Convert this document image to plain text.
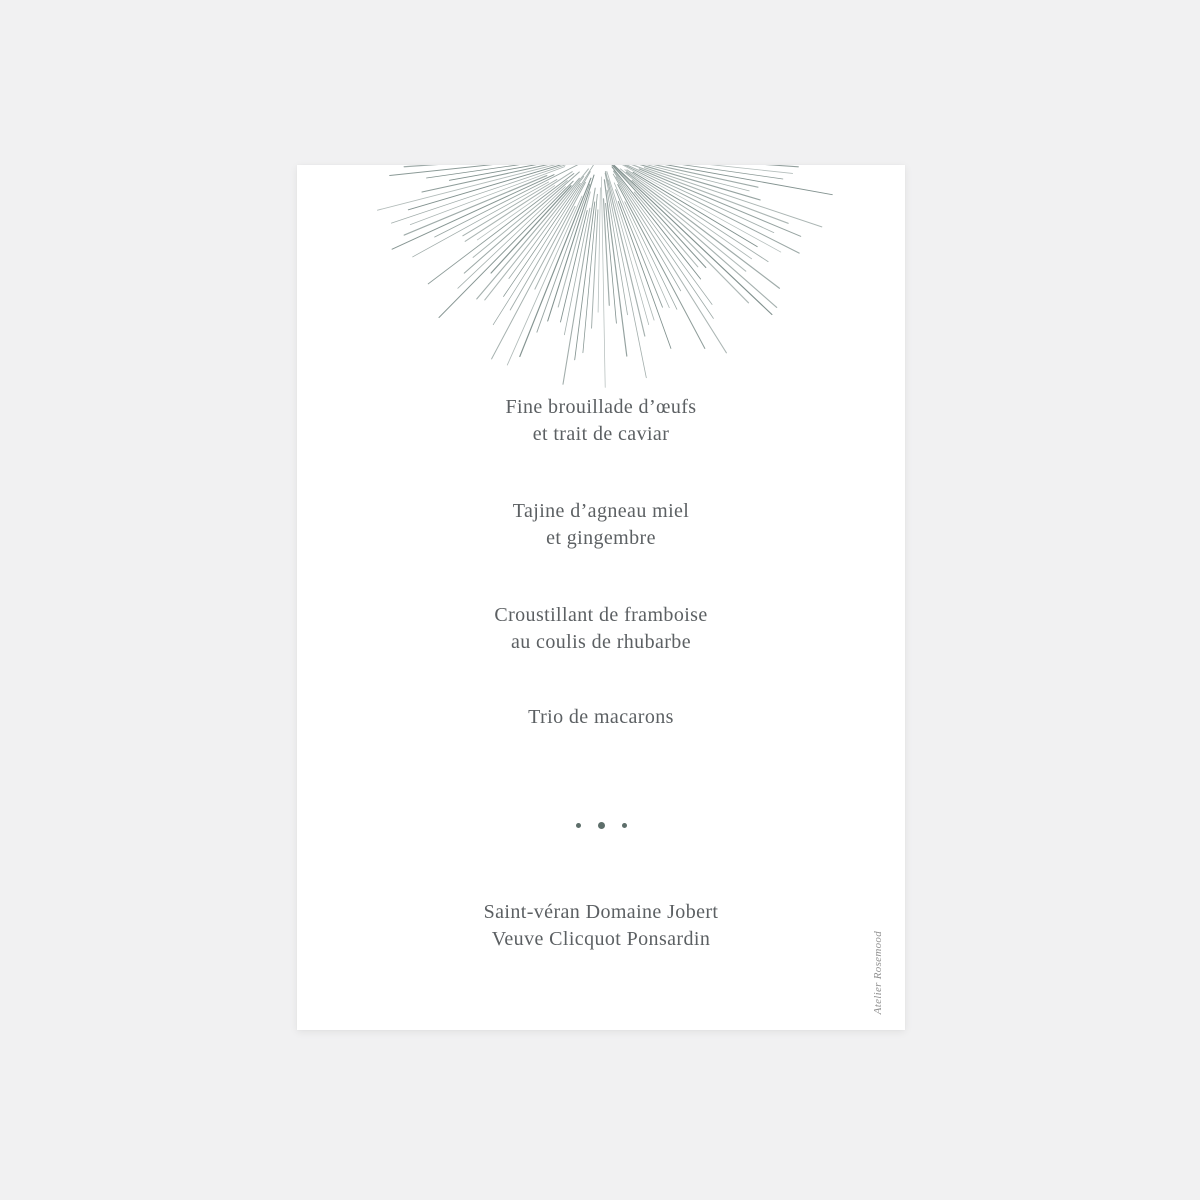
Fine brouillade d’œufs
et trait de caviar
Tajine d’agneau miel
et gingembre
Croustillant de framboise
au coulis de rhubarbe
Trio de macarons
Saint-véran Domaine Jobert
Veuve Clicquot Ponsardin	Atelier Rosemood
